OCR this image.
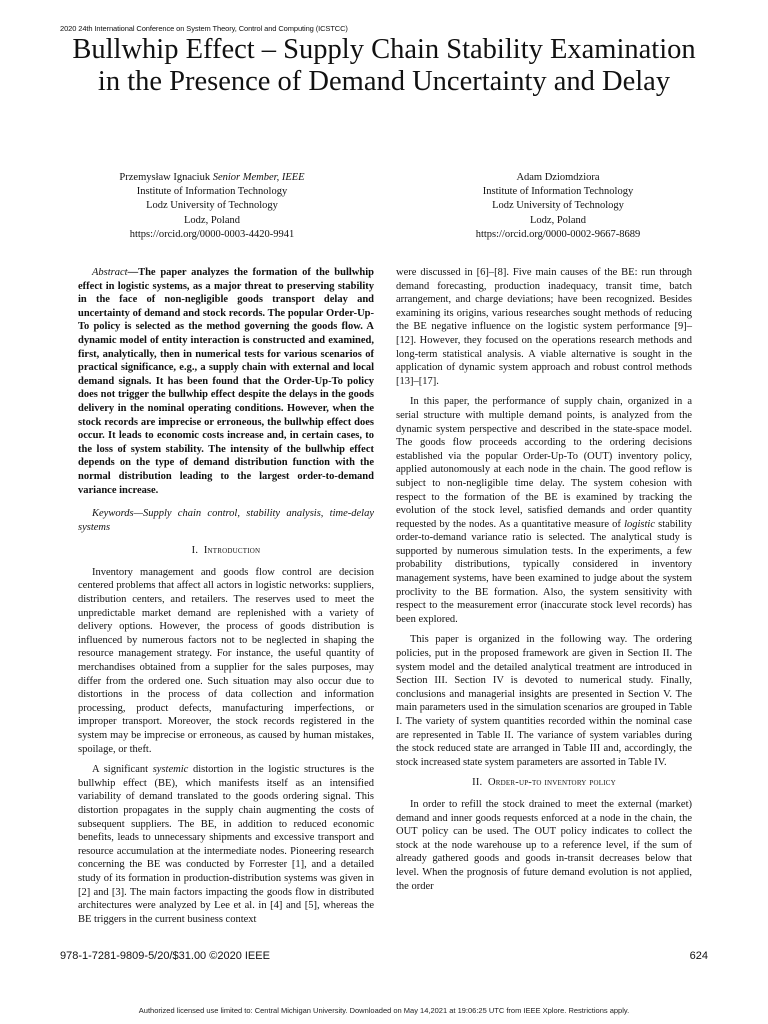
2020 24th International Conference on System Theory, Control and Computing (ICSTCC)
Bullwhip Effect – Supply Chain Stability Examination in the Presence of Demand Uncertainty and Delay
Przemysław Ignaciuk Senior Member, IEEE
Institute of Information Technology
Lodz University of Technology
Lodz, Poland
https://orcid.org/0000-0003-4420-9941
Adam Dziomdziora
Institute of Information Technology
Lodz University of Technology
Lodz, Poland
https://orcid.org/0000-0002-9667-8689

Abstract—The paper analyzes the formation of the bullwhip effect in logistic systems, as a major threat to preserving stability in the face of non-negligible goods transport delay and uncertainty of demand and stock records. The popular Order-Up-To policy is selected as the method governing the goods flow. A dynamic model of entity interaction is constructed and examined, first, analytically, then in numerical tests for various scenarios of practical significance, e.g., a supply chain with external and local demand signals. It has been found that the Order-Up-To policy does not trigger the bullwhip effect despite the delays in the goods delivery in the nominal operating conditions. However, when the stock records are imprecise or erroneous, the bullwhip effect does occur. It leads to economic costs increase and, in certain cases, to the loss of system stability. The intensity of the bullwhip effect depends on the type of demand distribution function with the normal distribution leading to the largest order-to-demand variance increase.

Keywords—Supply chain control, stability analysis, time-delay systems

I. Introduction

Inventory management and goods flow control are decision centered problems that affect all actors in logistic networks: suppliers, distribution centers, and retailers. The reserves used to meet the unpredictable market demand are replenished with a variety of delivery options. However, the process of goods distribution is influenced by numerous factors not to be neglected in shaping the resource management strategy. For instance, the useful quantity of merchandises obtained from a supplier for the sales purposes, may differ from the ordered one. Such situation may also occur due to distortions in the process of data collection and information processing, product defects, manufacturing imperfections, or improper transport. Moreover, the stock records registered in the system may be imprecise or erroneous, as caused by human mistakes, spoilage, or theft.

A significant systemic distortion in the logistic structures is the bullwhip effect (BE), which manifests itself as an intensified variability of demand translated to the goods ordering signal. This distortion propagates in the supply chain augmenting the costs of subsequent suppliers. The BE, in addition to reduced economic benefits, leads to unnecessary shipments and excessive transport and resource accumulation at the intermediate nodes. Pioneering research concerning the BE was conducted by Forrester [1], and a detailed study of its formation in production-distribution systems was given in [2] and [3]. The main factors impacting the goods flow in distributed architectures were analyzed by Lee et al. in [4] and [5], whereas the BE triggers in the current business context

were discussed in [6]–[8]. Five main causes of the BE: run through demand forecasting, production inadequacy, transit time, batch arrangement, and charge deviations; have been recognized. Besides examining its origins, various researches sought methods of reducing the BE negative influence on the logistic system performance [9]–[12]. However, they focused on the operations research methods and long-term statistical analysis. A viable alternative is sought in the application of dynamic system approach and robust control methods [13]–[17].

In this paper, the performance of supply chain, organized in a serial structure with multiple demand points, is analyzed from the dynamic system perspective and described in the state-space model. The goods flow proceeds according to the ordering decisions established via the popular Order-Up-To (OUT) inventory policy, applied autonomously at each node in the chain. The good reflow is subject to non-negligible time delay. The system cohesion with respect to the formation of the BE is examined by tracking the evolution of the stock level, satisfied demands and order quantity requested by the nodes. As a quantitative measure of logistic stability order-to-demand variance ratio is selected. The analytical study is supported by numerous simulation tests. In the experiments, a few probability distributions, typically considered in inventory management systems, have been examined to judge about the system proclivity to the BE formation. Also, the system sensitivity with respect to the measurement error (inaccurate stock level records) has been explored.

This paper is organized in the following way. The ordering policies, put in the proposed framework are given in Section II. The system model and the detailed analytical treatment are introduced in Section III. Section IV is devoted to numerical study. Finally, conclusions and managerial insights are presented in Section V. The main parameters used in the simulation scenarios are grouped in Table I. The variety of system quantities recorded within the nominal case are represented in Table II. The variance of system variables during the stock reduced state are arranged in Table III and, accordingly, the stock increased state system parameters are assorted in Table IV.

II. Order-up-to inventory policy

In order to refill the stock drained to meet the external (market) demand and inner goods requests enforced at a node in the chain, the OUT policy can be used. The OUT policy indicates to collect the stock at the node warehouse up to a reference level, if the sum of already gathered goods and goods in-transit decreases below that level. When the prognosis of future demand evolution is not applied, the order

978-1-7281-9809-5/20/$31.00 ©2020 IEEE	624
Authorized licensed use limited to: Central Michigan University. Downloaded on May 14,2021 at 19:06:25 UTC from IEEE Xplore. Restrictions apply.
